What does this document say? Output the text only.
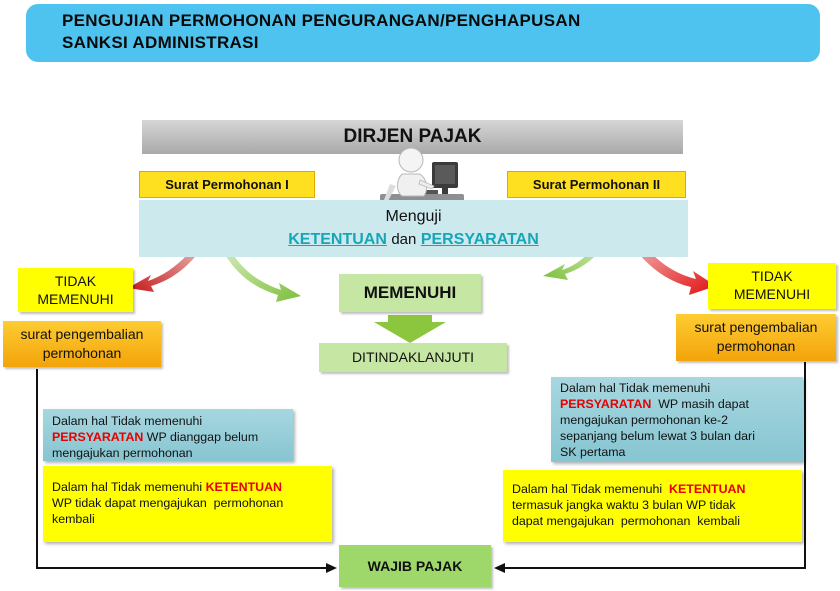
PENGUJIAN PERMOHONAN PENGURANGAN/PENGHAPUSAN
SANKSI ADMINISTRASI
DIRJEN PAJAK
Surat Permohonan I	Surat Permohonan II
Menguji
KETENTUAN dan PERSYARATAN
TIDAK
MEMENUHI
surat pengembalian
permohonan
MEMENUHI
DITINDAKLANJUTI
WAJIB PAJAK
TIDAK
MEMENUHI
surat pengembalian
permohonan
Dalam hal Tidak memenuhi
PERSYARATAN WP dianggap belum
mengajukan permohonan
Dalam hal Tidak memenuhi KETENTUAN
WP tidak dapat mengajukan  permohonan
kembali
Dalam hal Tidak memenuhi
PERSYARATAN  WP masih dapat
mengajukan permohonan ke-2
sepanjang belum lewat 3 bulan dari
SK pertama
Dalam hal Tidak memenuhi  KETENTUAN
termasuk jangka waktu 3 bulan WP tidak
dapat mengajukan  permohonan  kembali
